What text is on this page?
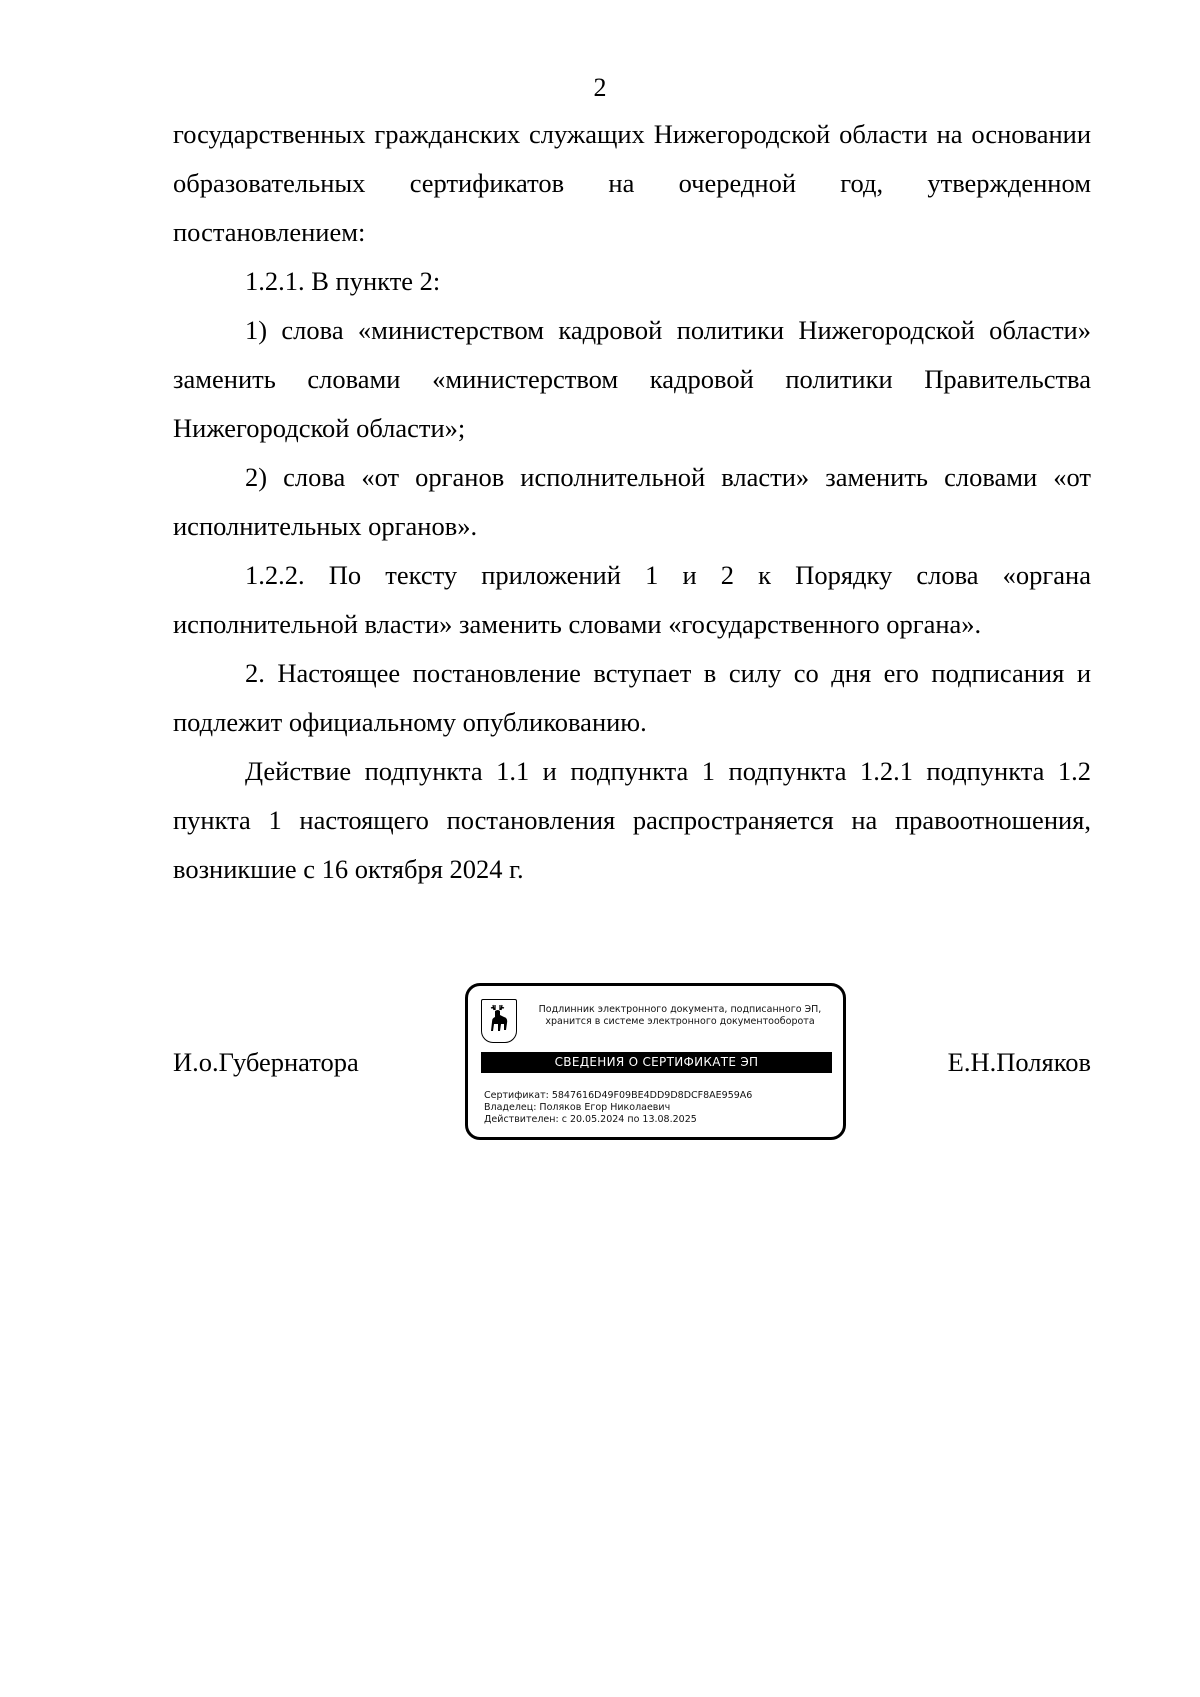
2

государственных гражданских служащих Нижегородской области на основании образовательных сертификатов на очередной год, утвержденном постановлением:

1.2.1. В пункте 2:

1) слова «министерством кадровой политики Нижегородской области» заменить словами «министерством кадровой политики Правительства Нижегородской области»;

2) слова «от органов исполнительной власти» заменить словами «от исполнительных органов».

1.2.2. По тексту приложений 1 и 2 к Порядку слова «органа исполнительной власти» заменить словами «государственного органа».

2. Настоящее постановление вступает в силу со дня его подписания и подлежит официальному опубликованию.

Действие подпункта 1.1 и подпункта 1 подпункта 1.2.1 подпункта 1.2 пункта 1 настоящего постановления распространяется на правоотношения, возникшие с 16 октября 2024 г.

И.о.Губернатора
Подлинник электронного документа, подписанного ЭП,
хранится в системе электронного документооборота
СВЕДЕНИЯ О СЕРТИФИКАТЕ ЭП
Сертификат: 5847616D49F09BE4DD9D8DCF8AE959A6
Владелец: Поляков Егор Николаевич
Действителен: с 20.05.2024 по 13.08.2025
Е.Н.Поляков
